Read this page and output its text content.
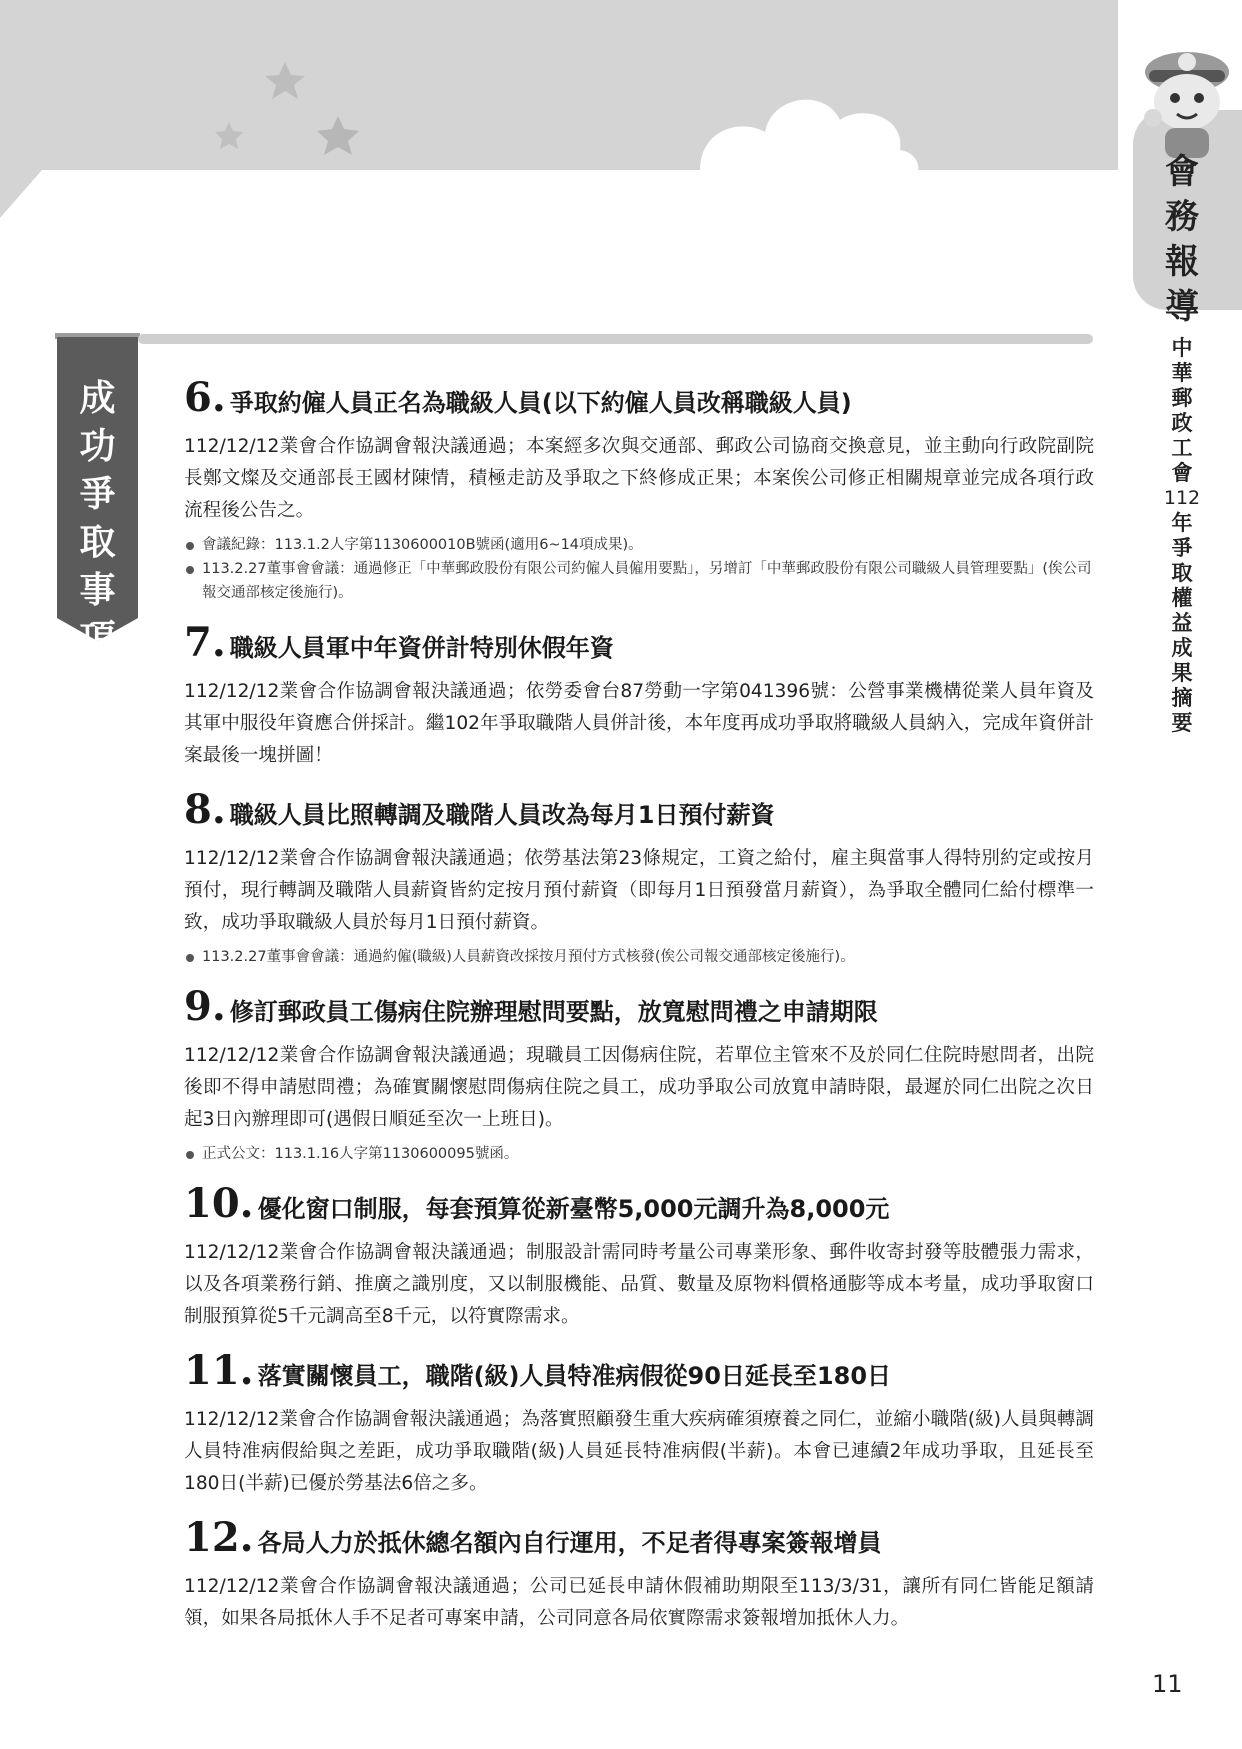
會
務
報
導
中
華
郵
政
工
會
112
年
爭
取
權
益
成
果
摘
要
成
功
爭
取
事
項
6. 爭取約僱人員正名為職級人員(以下約僱人員改稱職級人員)
112/12/12業會合作協調會報決議通過；本案經多次與交通部、郵政公司協商交換意見，並主動向行政院副院長鄭文燦及交通部長王國材陳情，積極走訪及爭取之下終修成正果；本案俟公司修正相關規章並完成各項行政流程後公告之。
會議紀錄：113.1.2人字第1130600010B號函(適用6~14項成果)。
113.2.27董事會會議：通過修正「中華郵政股份有限公司約僱人員僱用要點」，另增訂「中華郵政股份有限公司職級人員管理要點」(俟公司報交通部核定後施行)。
7. 職級人員軍中年資併計特別休假年資
112/12/12業會合作協調會報決議通過；依勞委會台87勞動一字第041396號：公營事業機構從業人員年資及其軍中服役年資應合併採計。繼102年爭取職階人員併計後，本年度再成功爭取將職級人員納入，完成年資併計案最後一塊拼圖！
8. 職級人員比照轉調及職階人員改為每月1日預付薪資
112/12/12業會合作協調會報決議通過；依勞基法第23條規定，工資之給付，雇主與當事人得特別約定或按月預付，現行轉調及職階人員薪資皆約定按月預付薪資（即每月1日預發當月薪資），為爭取全體同仁給付標準一致，成功爭取職級人員於每月1日預付薪資。
113.2.27董事會會議：通過約僱(職級)人員薪資改採按月預付方式核發(俟公司報交通部核定後施行)。
9. 修訂郵政員工傷病住院辦理慰問要點，放寬慰問禮之申請期限
112/12/12業會合作協調會報決議通過；現職員工因傷病住院，若單位主管來不及於同仁住院時慰問者，出院後即不得申請慰問禮；為確實關懷慰問傷病住院之員工，成功爭取公司放寬申請時限，最遲於同仁出院之次日起3日內辦理即可(遇假日順延至次一上班日)。
正式公文：113.1.16人字第1130600095號函。
10. 優化窗口制服，每套預算從新臺幣5,000元調升為8,000元
112/12/12業會合作協調會報決議通過；制服設計需同時考量公司專業形象、郵件收寄封發等肢體張力需求，以及各項業務行銷、推廣之識別度，又以制服機能、品質、數量及原物料價格通膨等成本考量，成功爭取窗口制服預算從5千元調高至8千元，以符實際需求。
11. 落實關懷員工，職階(級)人員特准病假從90日延長至180日
112/12/12業會合作協調會報決議通過；為落實照顧發生重大疾病確須療養之同仁，並縮小職階(級)人員與轉調人員特准病假給與之差距，成功爭取職階(級)人員延長特准病假(半薪)。本會已連續2年成功爭取，且延長至180日(半薪)已優於勞基法6倍之多。
12. 各局人力於抵休總名額內自行運用，不足者得專案簽報增員
112/12/12業會合作協調會報決議通過；公司已延長申請休假補助期限至113/3/31，讓所有同仁皆能足額請領，如果各局抵休人手不足者可專案申請，公司同意各局依實際需求簽報增加抵休人力。
11
